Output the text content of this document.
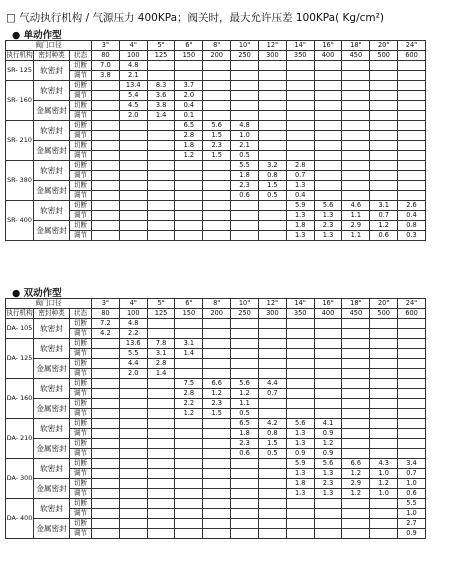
□ 气动执行机构 / 气源压力 400KPa；阀关时，最大允许压差 100KPa( Kg/cm²)
● 单动作型
阀门口径			3"	4"	5"	6"	8"	10"	12"	14"	16"	18"	20"	24"
执行机构	密封种类	状态	80	100	125	150	200	250	300	350	400	450	500	600
SR- 125	软密封	切断	7.0	4.8										
		调节	3.8	2.1										
SR- 160	软密封	切断		13.4	8.3	3.7								
		调节		5.4	3.6	2.0								
	金属密封	切断		4.5	3.8	0.4								
		调节		2.0	1.4	0.1								
SR- 210	软密封	切断				6.5	5.6	4.8						
		调节				2.8	1.5	1.0						
	金属密封	切断				1.8	2.3	2.1						
		调节				1.2	1.5	0.5						
SR- 380	软密封	切断						5.5	3.2	2.8				
		调节						1.8	0.8	0.7				
	金属密封	切断						2.3	1.5	1.3				
		调节						0.6	0.5	0.4				
SR- 400	软密封	切断								5.9	5.6	4.6	3.1	2.6
		调节								1.3	1.3	1.1	0.7	0.4
	金属密封	切断								1.8	2.3	2.9	1.2	0.8
		调节								1.3	1.3	1.1	0.6	0.3
● 双动作型
阀门口径			3"	4"	5"	6"	8"	10"	12"	14"	16"	18"	20"	24"
执行机构	密封种类	状态	80	100	125	150	200	250	300	350	400	450	500	600
DA- 105	软密封	切断	7.2	4.8										
		调节	4.2	2.2										
DA- 125	软密封	切断		13.6	7.8	3.1								
		调节		5.5	3.1	1.4								
	金属密封	切断		4.4	2.8									
		调节		2.0	1.4									
DA- 160	软密封	切断				7.5	6.6	5.6	4.4					
		调节				2.8	1.2	1.2	0.7					
	金属密封	切断				2.2	2.3	1.1						
		调节				1.2	1.5	0.5						
DA- 210	软密封	切断						6.5	4.2	5.6	4.1			
		调节						1.8	0.8	1.3	0.9			
	金属密封	切断						2.3	1.5	1.3	1.2			
		调节						0.6	0.5	0.9	0.9			
DA- 300	软密封	切断								5.9	5.6	6.6	4.3	3.4
		调节								1.3	1.3	1.2	1.0	0.7
	金属密封	切断								1.8	2.3	2.9	1.2	1.0
		调节								1.3	1.3	1.2	1.0	0.6
DA- 400	软密封	切断												5.5
		调节												1.0
	金属密封	切断												2.7
		调节												0.9
